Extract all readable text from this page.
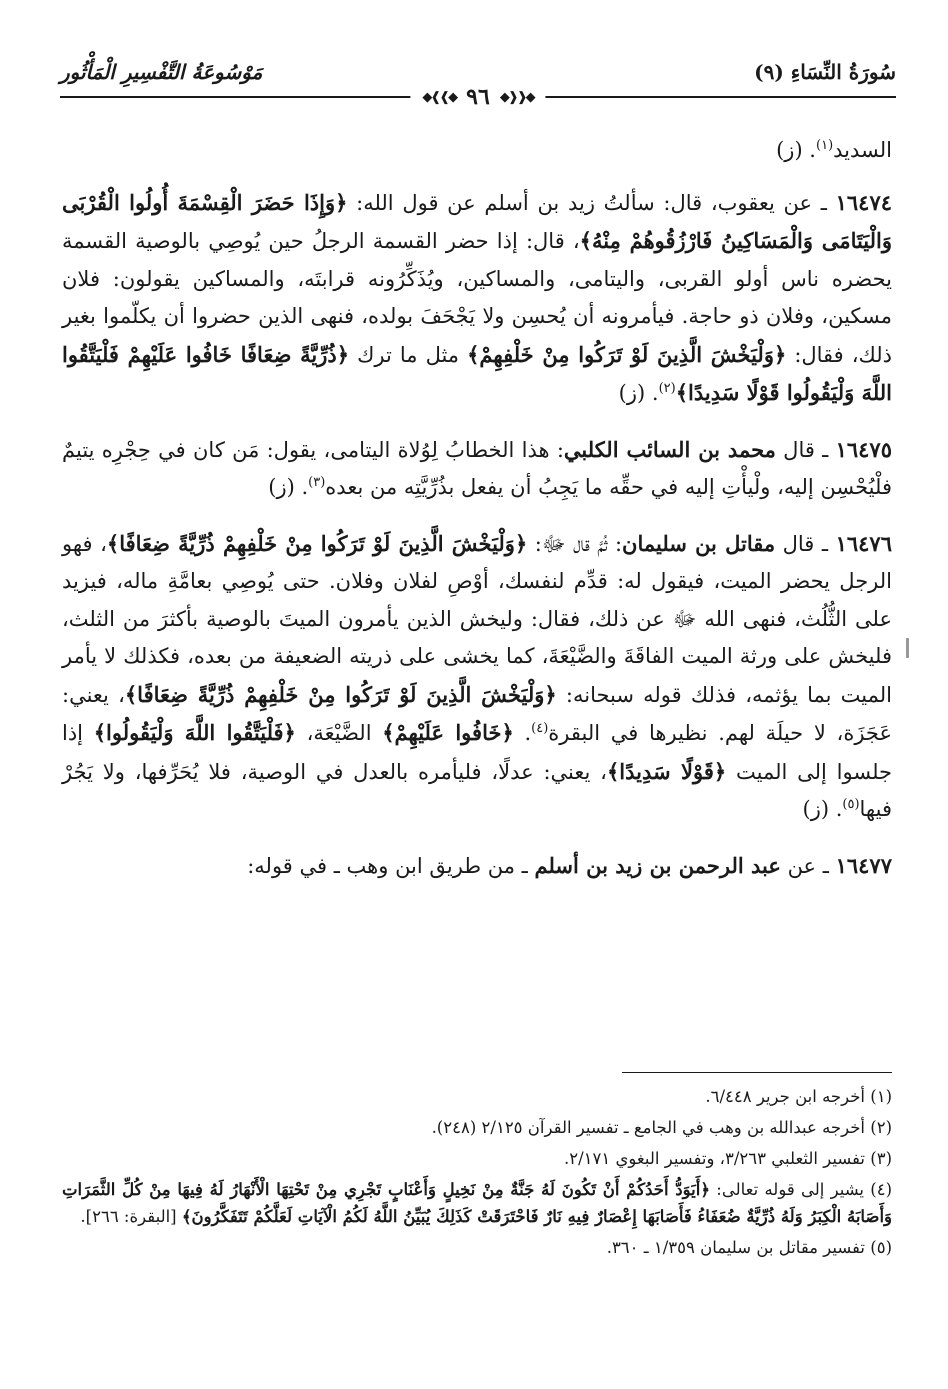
سُورَةُ النِّسَاءِ (٩)
مَوْسُوعَةُ التَّفْسِيرِ الْمَأْثُور
◆❰❰◆ ٩٦ ◆❱❱◆

السديد$^{(١)}$. (ز)

١٦٤٧٤ ـ عن يعقوب، قال: سألتُ زيد بن أسلم عن قول الله: ﴿وَإِذَا حَضَرَ الْقِسْمَةَ أُولُوا الْقُرْبَى وَالْيَتَامَى وَالْمَسَاكِينُ فَارْزُقُوهُمْ مِنْهُ﴾، قال: إذا حضر القسمة الرجلُ حين يُوصِي بالوصية القسمة يحضره ناس أولو القربى، واليتامى، والمساكين، ويُذَكِّرُونه قرابتَه، والمساكين يقولون: فلان مسكين، وفلان ذو حاجة. فيأمرونه أن يُحسِن ولا يَجْحَفَ بولده، فنهى الذين حضروا أن يكلّموا بغير ذلك، فقال: ﴿وَلْيَخْشَ الَّذِينَ لَوْ تَرَكُوا مِنْ خَلْفِهِمْ﴾ مثل ما ترك ﴿ذُرِّيَّةً ضِعَافًا خَافُوا عَلَيْهِمْ فَلْيَتَّقُوا اللَّهَ وَلْيَقُولُوا قَوْلًا سَدِيدًا﴾$^{(٢)}$. (ز)

١٦٤٧٥ ـ قال محمد بن السائب الكلبي: هذا الخطابُ لِوُلاة اليتامى، يقول: مَن كان في حِجْرِه يتيمٌ فلْيُحْسِن إليه، ولْيأْتِ إليه في حقِّه ما يَجِبُ أن يفعل بذُرِّيَّتِه من بعده$^{(٣)}$. (ز)

١٦٤٧٦ ـ قال مقاتل بن سليمان: ثُمَّ قال ﷻ: ﴿وَلْيَخْشَ الَّذِينَ لَوْ تَرَكُوا مِنْ خَلْفِهِمْ ذُرِّيَّةً ضِعَافًا﴾، فهو الرجل يحضر الميت، فيقول له: قدِّم لنفسك، أوْصِ لفلان وفلان. حتى يُوصِي بعامَّةِ ماله، فيزيد على الثُّلُث، فنهى الله ﷻ عن ذلك، فقال: وليخش الذين يأمرون الميتَ بالوصية بأكثرَ من الثلث، فليخش على ورثة الميت الفاقَةَ والضَّيْعَةَ، كما يخشى على ذريته الضعيفة من بعده، فكذلك لا يأمر الميت بما يؤثمه، فذلك قوله سبحانه: ﴿وَلْيَخْشَ الَّذِينَ لَوْ تَرَكُوا مِنْ خَلْفِهِمْ ذُرِّيَّةً ضِعَافًا﴾، يعني: عَجَزَة، لا حيلَة لهم. نظيرها في البقرة$^{(٤)}$. ﴿خَافُوا عَلَيْهِمْ﴾ الضَّيْعَة، ﴿فَلْيَتَّقُوا اللَّهَ وَلْيَقُولُوا﴾ إذا جلسوا إلى الميت ﴿قَوْلًا سَدِيدًا﴾، يعني: عدلًا، فليأمره بالعدل في الوصية، فلا يُحَرِّفها، ولا يَجُرْ فيها$^{(٥)}$. (ز)

١٦٤٧٧ ـ عن عبد الرحمن بن زيد بن أسلم ـ من طريق ابن وهب ـ في قوله:

(١) أخرجه ابن جرير ٦/٤٤٨.

(٢) أخرجه عبدالله بن وهب في الجامع ـ تفسير القرآن ٢/١٢٥ (٢٤٨).

(٣) تفسير الثعلبي ٣/٢٦٣، وتفسير البغوي ٢/١٧١.

(٤) يشير إلى قوله تعالى: ﴿أَيَوَدُّ أَحَدُكُمْ أَنْ تَكُونَ لَهُ جَنَّةٌ مِنْ نَخِيلٍ وَأَعْنَابٍ تَجْرِي مِنْ تَحْتِهَا الْأَنْهَارُ لَهُ فِيهَا مِنْ كُلِّ الثَّمَرَاتِ وَأَصَابَهُ الْكِبَرُ وَلَهُ ذُرِّيَّةٌ ضُعَفَاءُ فَأَصَابَهَا إِعْصَارٌ فِيهِ نَارٌ فَاحْتَرَقَتْ كَذَلِكَ يُبَيِّنُ اللَّهُ لَكُمُ الْآيَاتِ لَعَلَّكُمْ تَتَفَكَّرُونَ﴾ [البقرة: ٢٦٦].

(٥) تفسير مقاتل بن سليمان ١/٣٥٩ ـ ٣٦٠.
